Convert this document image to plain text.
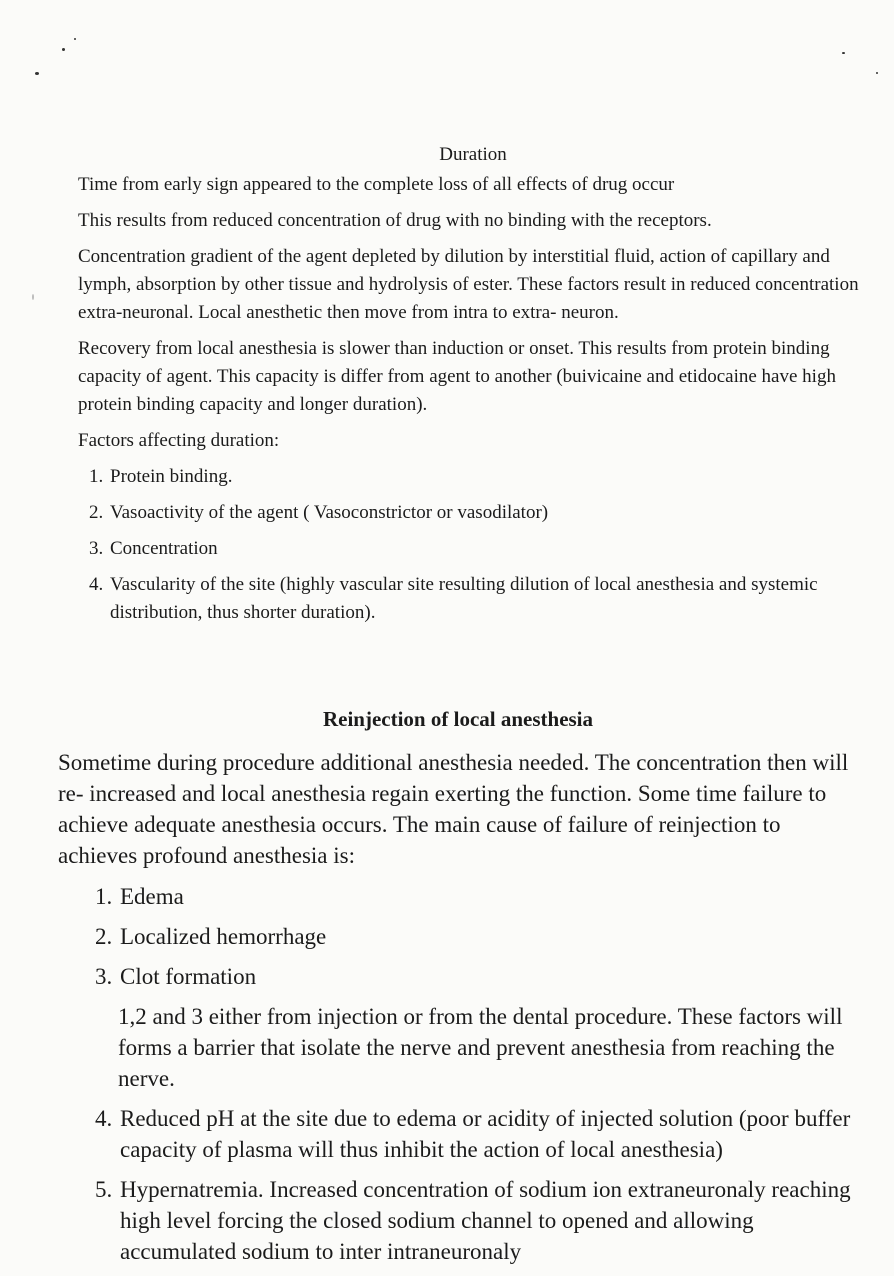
Duration

Time from early sign appeared to the complete loss of all effects of drug occur

This results from reduced concentration of drug with no binding with the receptors.

Concentration gradient of the agent depleted by dilution by interstitial fluid, action of capillary and lymph, absorption by other tissue and hydrolysis of ester. These factors result in reduced concentration extra-neuronal. Local anesthetic then move from intra to extra- neuron.

Recovery from local anesthesia is slower than induction or onset. This results from protein binding capacity of agent. This capacity is differ from agent to another (buivicaine and etidocaine have high protein binding capacity and longer duration).

Factors affecting duration:

1. Protein binding.
2. Vasoactivity of the agent ( Vasoconstrictor or vasodilator)
3. Concentration
4. Vascularity of the site (highly vascular site resulting dilution of local anesthesia and systemic distribution, thus shorter duration).
Reinjection of local anesthesia

Sometime during procedure additional anesthesia needed. The concentration then will re- increased and local anesthesia regain exerting the function. Some time failure to achieve adequate anesthesia occurs. The main cause of failure of reinjection to achieves profound anesthesia is:

1. Edema
2. Localized hemorrhage
3. Clot formation

1,2 and 3 either from injection or from the dental procedure. These factors will forms a barrier that isolate the nerve and prevent anesthesia from reaching the nerve.

4. Reduced pH at the site due to edema or acidity of injected solution (poor buffer capacity of plasma will thus inhibit the action of local anesthesia)
5. Hypernatremia. Increased concentration of sodium ion extraneuronaly reaching high level forcing the closed sodium channel to opened and allowing accumulated sodium to inter intraneuronaly
